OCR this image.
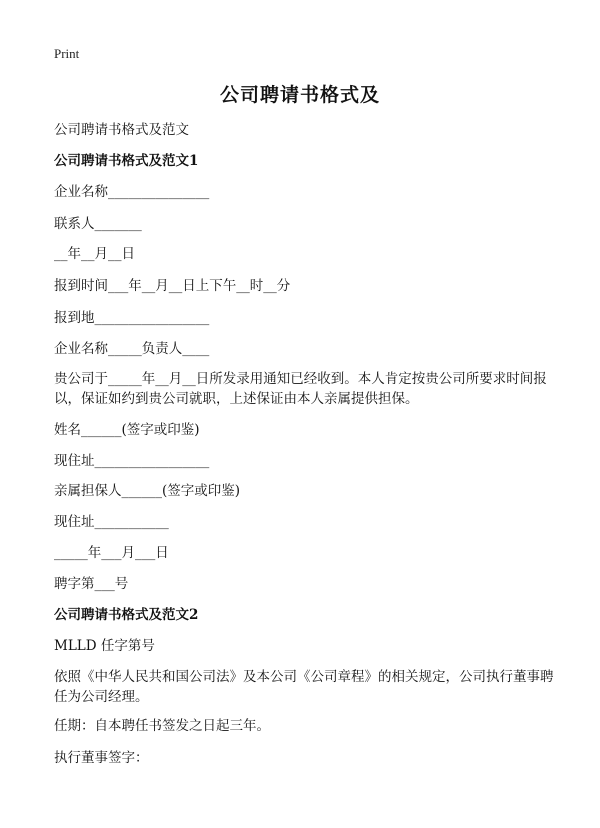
Print
公司聘请书格式及
公司聘请书格式及范文
公司聘请书格式及范文1
企业名称_______________
联系人_______
__年__月__日
报到时间___年__月__日上下午__时__分
报到地_________________
企业名称_____负责人____
贵公司于_____年__月__日所发录用通知已经收到。本人肯定按贵公司所要求时间报以，保证如约到贵公司就职，上述保证由本人亲属提供担保。
姓名______(签字或印鉴)
现住址_________________
亲属担保人______(签字或印鉴)
现住址___________
_____年___月___日
聘字第___号
公司聘请书格式及范文2
MLLD 任字第号
依照《中华人民共和国公司法》及本公司《公司章程》的相关规定，公司执行董事聘任为公司经理。
任期：自本聘任书签发之日起三年。
执行董事签字：
